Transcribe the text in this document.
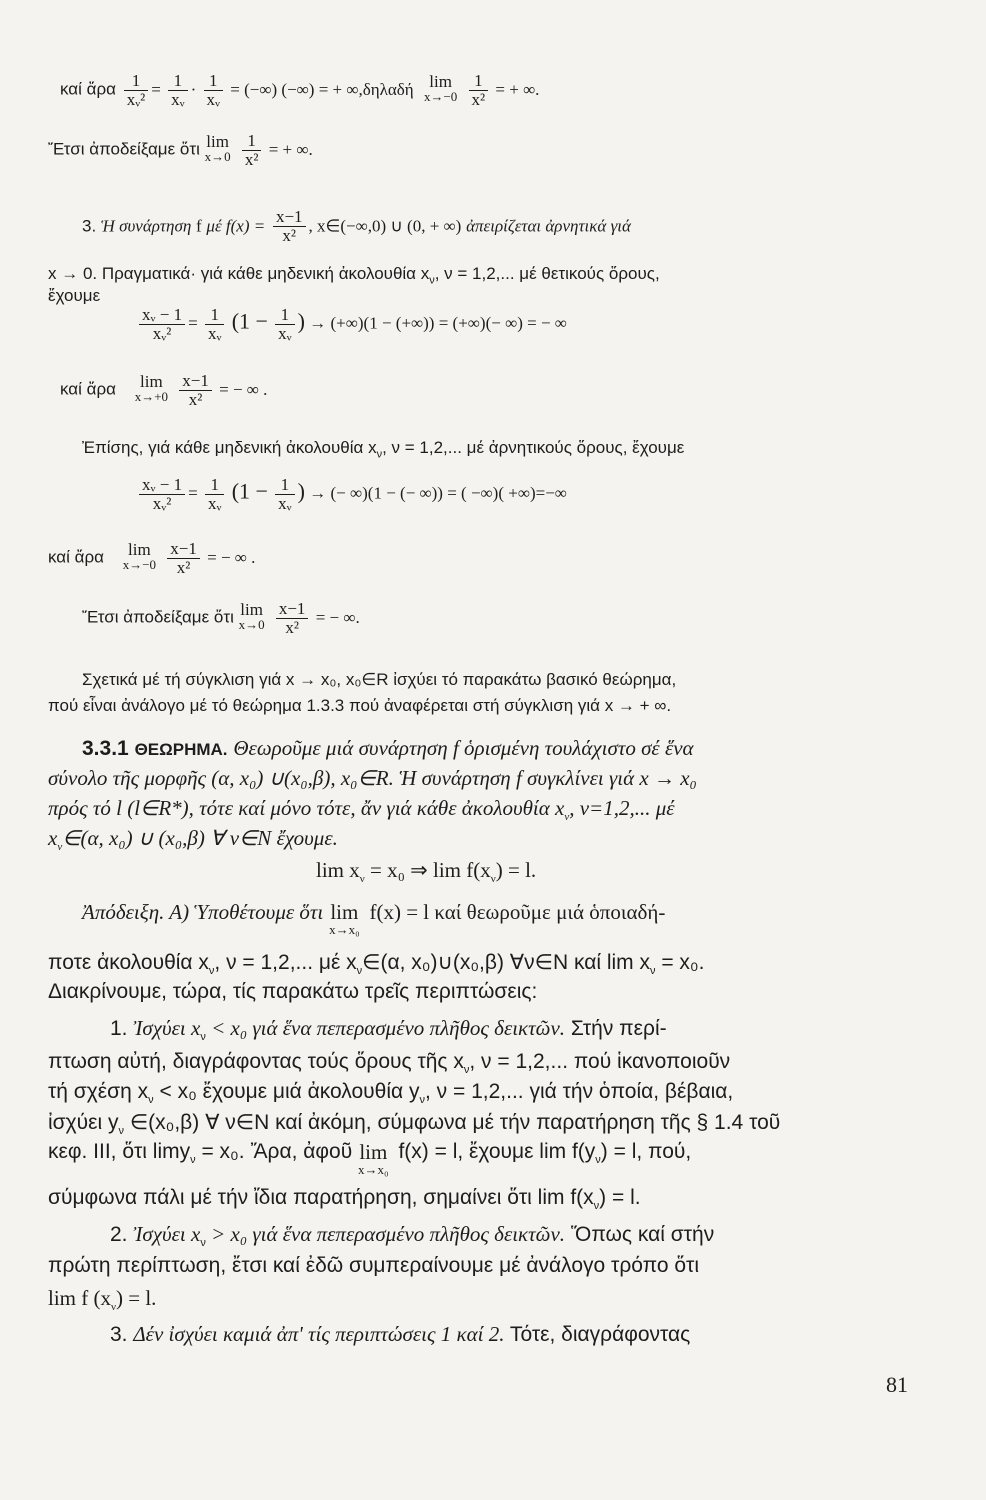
καί ἄρα $\frac{1}{\text{xᵥ²}} = \frac{1}{\text{xᵥ}} \cdot \frac{1}{\text{xᵥ}}$ = (−∞) (−∞) = + ∞,δηλαδή lim
x→−0
$\frac{1}{\text{x²}}$ = + ∞.
Ἔτσι ἀποδείξαμε ὅτι lim
x→0
$\frac{1}{\text{x²}}$ = + ∞.
3. Ἡ συνάρτηση f μέ $f(x) = \frac{x-1}{\text{x²}}$ , x∈(−∞,0) ∪ (0, + ∞) ἀπειρίζεται ἀρνητικά γιά
x → 0. Πραγματικά· γιά κάθε μηδενική ἀκολουθία $x_\nu$, ν = 1,2,... μέ θετικούς ὅρους,
ἔχουμε
$\frac{\text{xᵥ − 1}}{\text{xᵥ²}} = \frac{1}{\text{xᵥ}} (1 - \frac{1}{\text{xᵥ}}$ ) → (+∞)(1 − (+∞)) = (+∞)(− ∞) = − ∞
καί ἄρα lim
x→+0
$\frac{x-1}{\text{x²}}$ = − ∞ .
Ἐπίσης, γιά κάθε μηδενική ἀκολουθία $x_\nu$, ν = 1,2,... μέ ἀρνητικούς ὅρους, ἔχουμε
$\frac{\text{xᵥ − 1}}{\text{xᵥ²}} = \frac{1}{\text{xᵥ}} (1 - \frac{1}{\text{xᵥ}}$ ) → (− ∞)(1 − (− ∞)) = ( −∞)( +∞)=−∞
καί ἄρα lim
x→−0
$\frac{x-1}{\text{x²}}$ = − ∞ .
Ἔτσι ἀποδείξαμε ὅτι lim
x→0
$\frac{x-1}{\text{x²}}$ = − ∞.
Σχετικά μέ τή σύγκλιση γιά x → x₀, x₀∈R ἰσχύει τό παρακάτω βασικό θεώρημα,
πού εἶναι ἀνάλογο μέ τό θεώρημα 1.3.3 πού ἀναφέρεται στή σύγκλιση γιά x → + ∞.
3.3.1 ΘΕΩΡΗΜΑ. Θεωροῦμε μιά συνάρτηση f ὁρισμένη τουλάχιστο σέ ἕνα
σύνολο τῆς μορφῆς (α, x₀) ∪(x₀,β), x₀∈R. Ἡ συνάρτηση f συγκλίνει γιά x → x₀
πρός τό l (l∈R*), τότε καί μόνο τότε, ἄν γιά κάθε ἀκολουθία $x_\nu$, ν=1,2,... μέ
$x_\nu\in(\alpha$, x₀) ∪ (x₀,β) ∀ ν∈N ἔχουμε.
$\lim x_\nu = x_0$ ⇒ $\lim f(x_\nu) = l$.
Ἀπόδειξη. Α) Ὑποθέτουμε ὅτι lim
x→x₀
f(x) = l καί θεωροῦμε μιά ὁποιαδή-
ποτε ἀκολουθία $x_\nu$, ν = 1,2,... μέ $x_\nu\in(\alpha$, x₀)∪(x₀,β) ∀ν∈N καί $\lim x_\nu = x_0$.
Διακρίνουμε, τώρα, τίς παρακάτω τρεῖς περιπτώσεις:
1. Ἰσχύει $x_\nu < x_0$ γιά ἕνα πεπερασμένο πλῆθος δεικτῶν. Στήν περί-
πτωση αὐτή, διαγράφοντας τούς ὅρους τῆς $x_\nu$, ν = 1,2,... πού ἱκανοποιοῦν
τή σχέση $x_\nu < x_0$ ἔχουμε μιά ἀκολουθία $y_\nu$, ν = 1,2,... γιά τήν ὁποία, βέβαια,
ἰσχύει $y_\nu$ ∈(x₀,β) ∀ ν∈N καί ἀκόμη, σύμφωνα μέ τήν παρατήρηση τῆς § 1.4 τοῦ
κεφ. III, ὅτι limy$_\nu$ = x₀. Ἄρα, ἀφοῦ lim
x→x₀
f(x) = l, ἔχουμε $\lim f(y_\nu) = l$, πού,
σύμφωνα πάλι μέ τήν ἴδια παρατήρηση, σημαίνει ὅτι $\lim f(x_\nu) = l$.
2. Ἰσχύει $x_\nu > x_0$ γιά ἕνα πεπερασμένο πλῆθος δεικτῶν. Ὅπως καί στήν
πρώτη περίπτωση, ἔτσι καί ἐδῶ συμπεραίνουμε μέ ἀνάλογο τρόπο ὅτι
lim f $(x_\nu) = l$.
3. Δέν ἰσχύει καμιά ἀπ' τίς περιπτώσεις 1 καί 2. Τότε, διαγράφοντας
81
